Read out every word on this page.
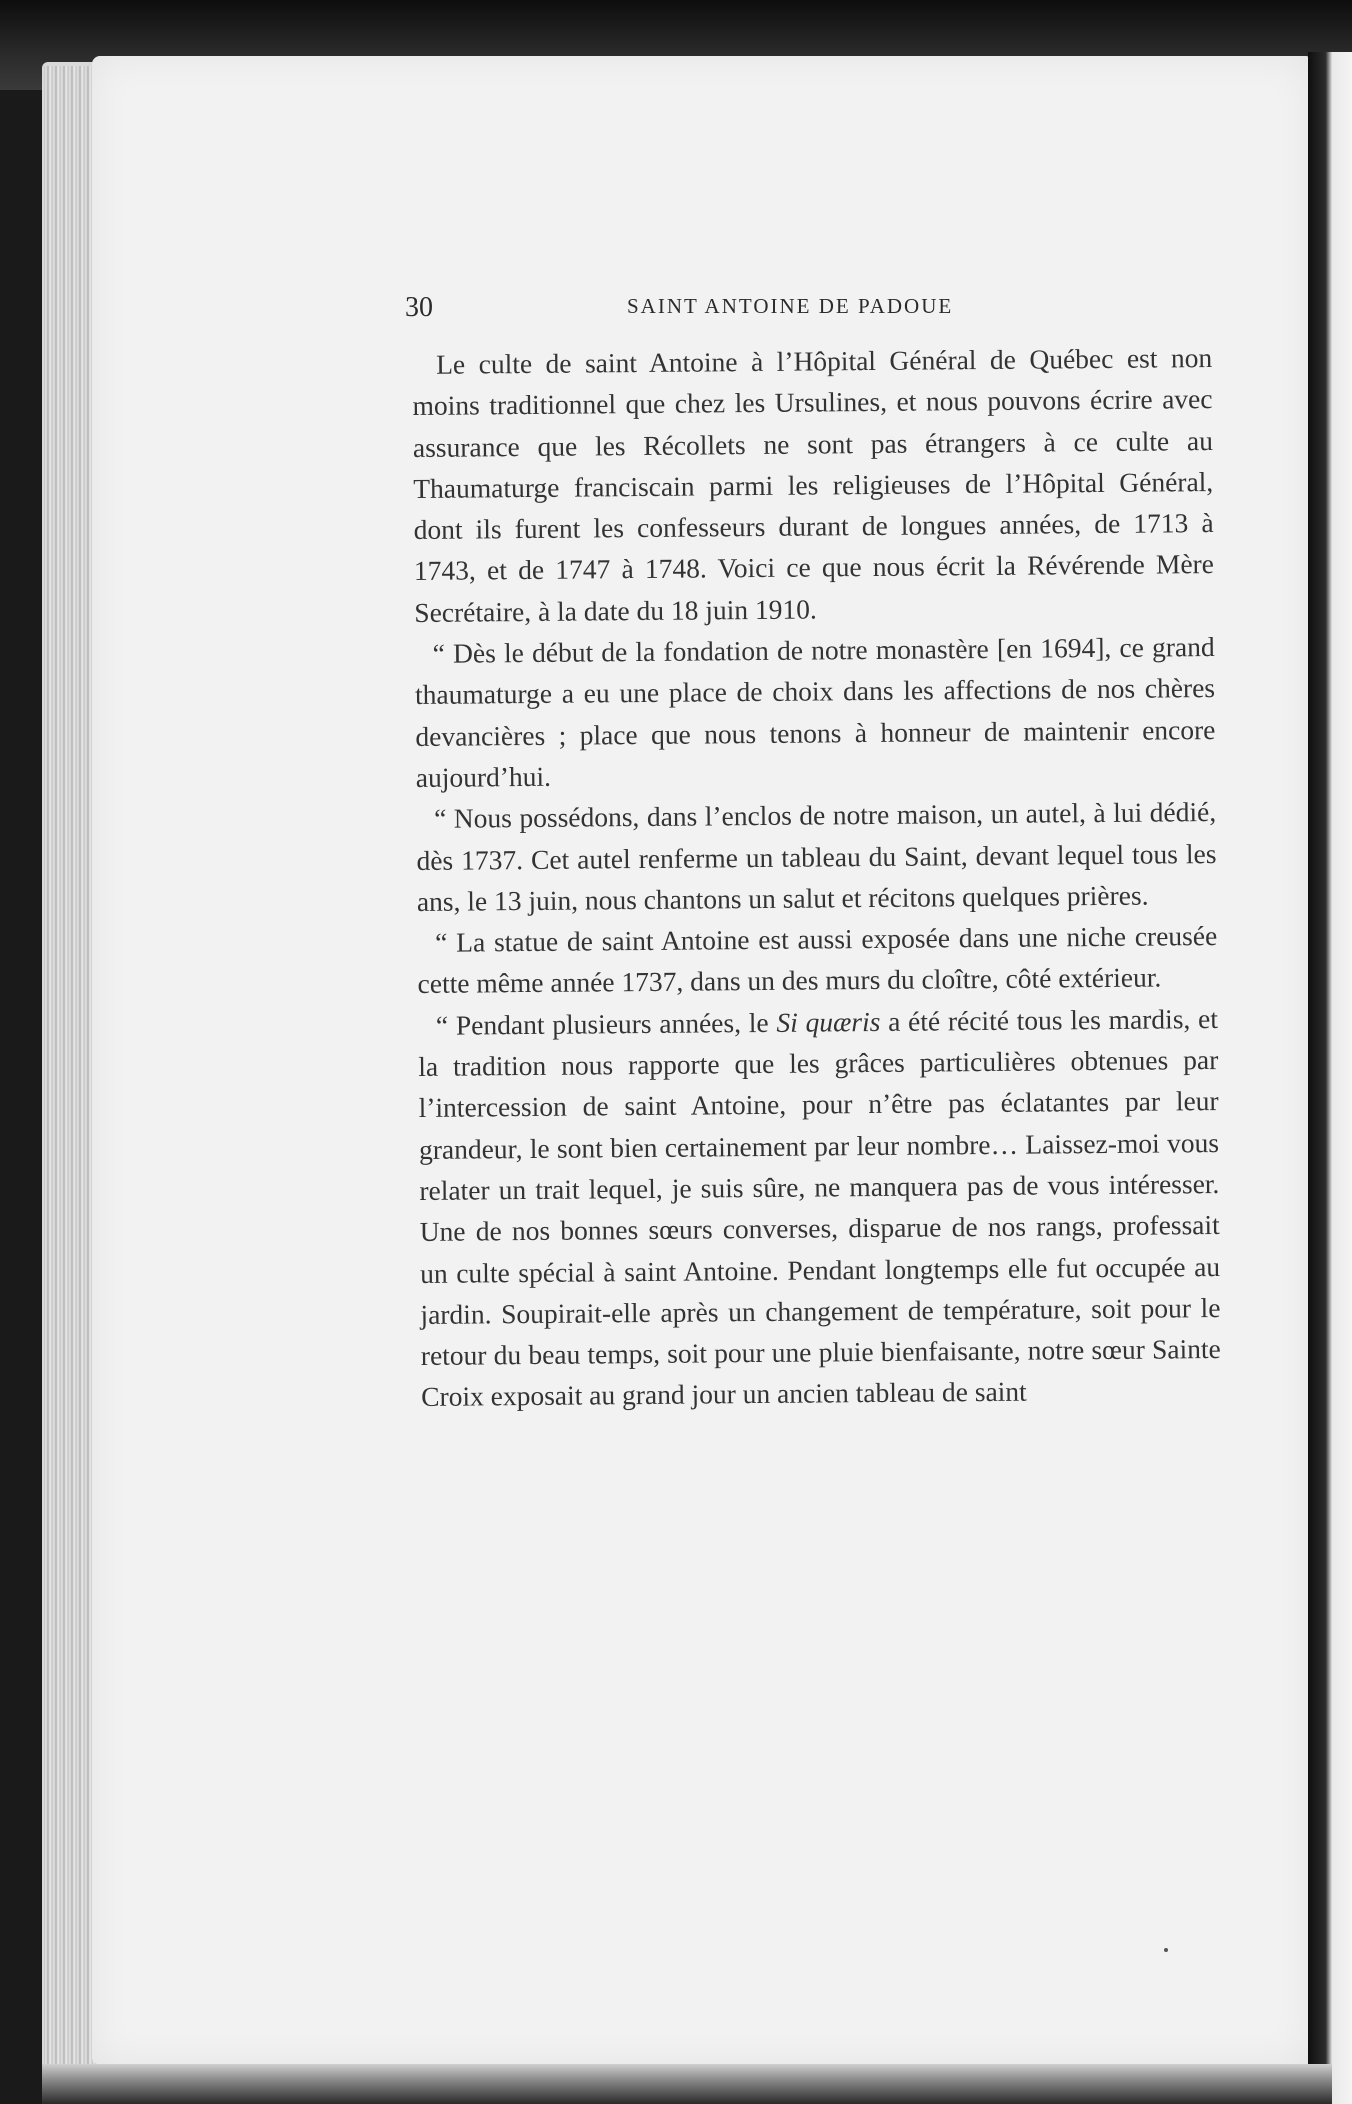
30	SAINT ANTOINE DE PADOUE

Le culte de saint Antoine à l’Hôpital Général de Québec est non moins traditionnel que chez les Ursulines, et nous pouvons écrire avec assurance que les Récollets ne sont pas étrangers à ce culte au Thaumaturge franciscain parmi les religieuses de l’Hôpital Général, dont ils furent les confesseurs durant de longues années, de 1713 à 1743, et de 1747 à 1748. Voici ce que nous écrit la Révérende Mère Secrétaire, à la date du 18 juin 1910.

“ Dès le début de la fondation de notre monastère [en 1694], ce grand thaumaturge a eu une place de choix dans les affections de nos chères devancières ; place que nous tenons à honneur de maintenir encore aujourd’hui.

“ Nous possédons, dans l’enclos de notre maison, un autel, à lui dédié, dès 1737. Cet autel renferme un tableau du Saint, devant lequel tous les ans, le 13 juin, nous chantons un salut et récitons quelques prières.

“ La statue de saint Antoine est aussi exposée dans une niche creusée cette même année 1737, dans un des murs du cloître, côté extérieur.

“ Pendant plusieurs années, le Si quæris a été récité tous les mardis, et la tradition nous rapporte que les grâces particulières obtenues par l’intercession de saint Antoine, pour n’être pas éclatantes par leur grandeur, le sont bien certainement par leur nombre… Laissez-moi vous relater un trait lequel, je suis sûre, ne manquera pas de vous intéresser. Une de nos bonnes sœurs converses, disparue de nos rangs, professait un culte spécial à saint Antoine. Pendant longtemps elle fut occupée au jardin. Soupirait-elle après un changement de température, soit pour le retour du beau temps, soit pour une pluie bienfaisante, notre sœur Sainte Croix exposait au grand jour un ancien tableau de saint
